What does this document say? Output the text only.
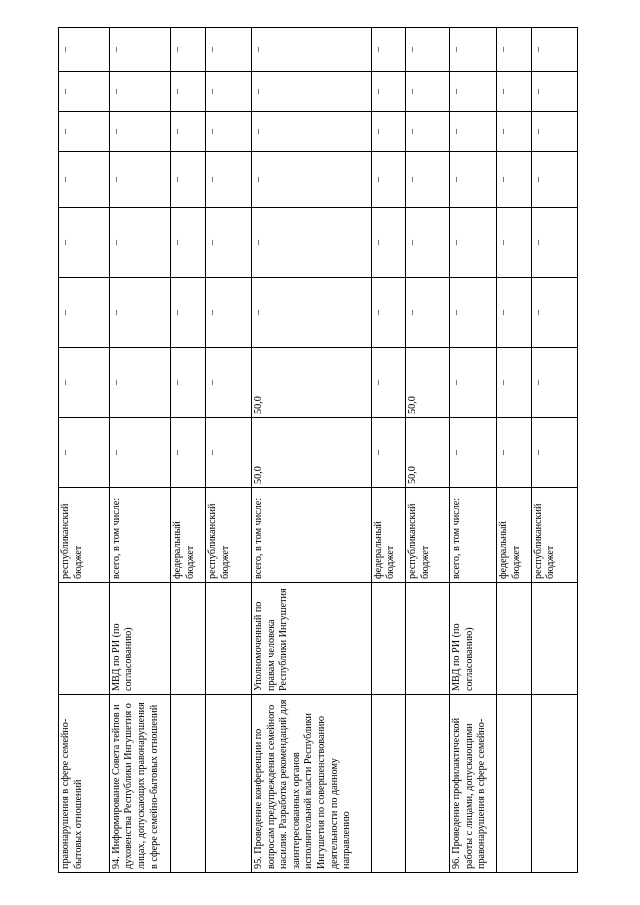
правонарушения в сфере семейно-бытовых отношений		республиканский бюджет	–	–	–	–	–	–	–	–
94. Информирование Совета тейпов и духовенства Республики Ингушетия о лицах, допускающих правонарушения в сфере семейно-бытовых отношений	МВД по РИ (по согласованию)	всего, в том числе:	–	–	–	–	–	–	–	–
		федеральный бюджет	–	–	–	–	–	–	–	–
		республиканский бюджет	–	–	–	–	–	–	–	–
95. Проведение конференции по вопросам предупреждения семейного насилия. Разработка рекомендаций для заинтересованных органов исполнительной власти Республики Ингушетия по совершенствованию деятельности по данному направлению	Уполномоченный по правам человека Республики Ингушетия	всего, в том числе:	50,0	50,0	–	–	–	–	–	–
		федеральный бюджет	–	–	–	–	–	–	–	–
		республиканский бюджет	50,0	50,0	–	–	–	–	–	–
96. Проведение профилактической работы с лицами, допускающими правонарушения в сфере семейно-	МВД по РИ (по согласованию)	всего, в том числе:	–	–	–	–	–	–	–	–
		федеральный бюджет	–	–	–	–	–	–	–	–
		республиканский бюджет	–	–	–	–	–	–	–	–
